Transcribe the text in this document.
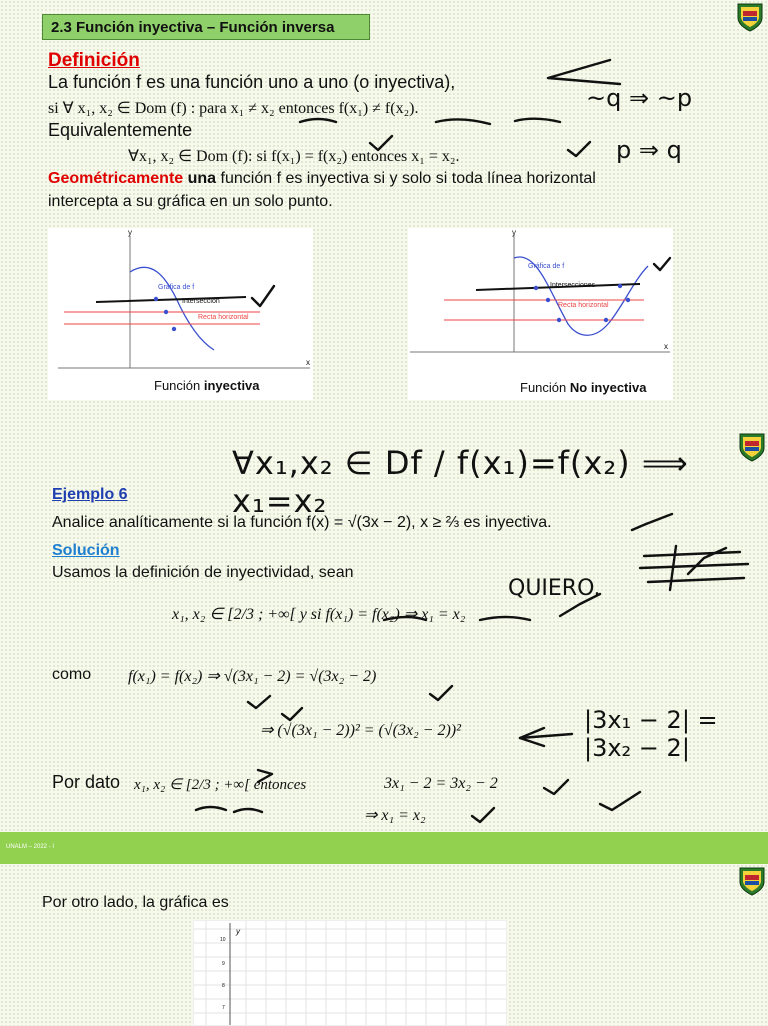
2.3 Función inyectiva – Función inversa
Definición
La función f es una función uno a uno (o inyectiva),
si ∀ x₁, x₂ ∈ Dom (f) : para x₁ ≠ x₂ entonces f(x₁) ≠ f(x₂).
Equivalentemente
∀x₁, x₂ ∈ Dom (f): si f(x₁) = f(x₂) entonces x₁ = x₂.
Geométricamente una función f es inyectiva si y solo si toda línea horizontal
intercepta a su gráfica en un solo punto.
~q ⇒ ~p
p ⇒ q
y
x
Gráfica de f
Intersección
Recta horizontal
Función inyectiva
y
x
Gráfica de f
Intersecciones
Recta horizontal
Función No inyectiva
∀x₁,x₂ ∈ Df / f(x₁)=f(x₂) ⟹ x₁=x₂
Ejemplo 6
Analice analíticamente si la función f(x) = √(3x − 2), x ≥ ⅔ es inyectiva.
Solución
Usamos la definición de inyectividad, sean
QUIERO.
x₁, x₂ ∈ [2/3 ; +∞[ y si f(x₁) = f(x₂) ⇒ x₁ = x₂
como f(x₁) = f(x₂) ⇒ √(3x₁ − 2) = √(3x₂ − 2)
⇒ (√(3x₁ − 2))² = (√(3x₂ − 2))²	|3x₁ − 2| = |3x₂ − 2|
Por dato x₁, x₂ ∈ [2/3 ; +∞[ entonces	3x₁ − 2 = 3x₂ − 2
⇒ x₁ = x₂
UNALM – 2022 - I
Por otro lado, la gráfica es
y
10
9
8
7
